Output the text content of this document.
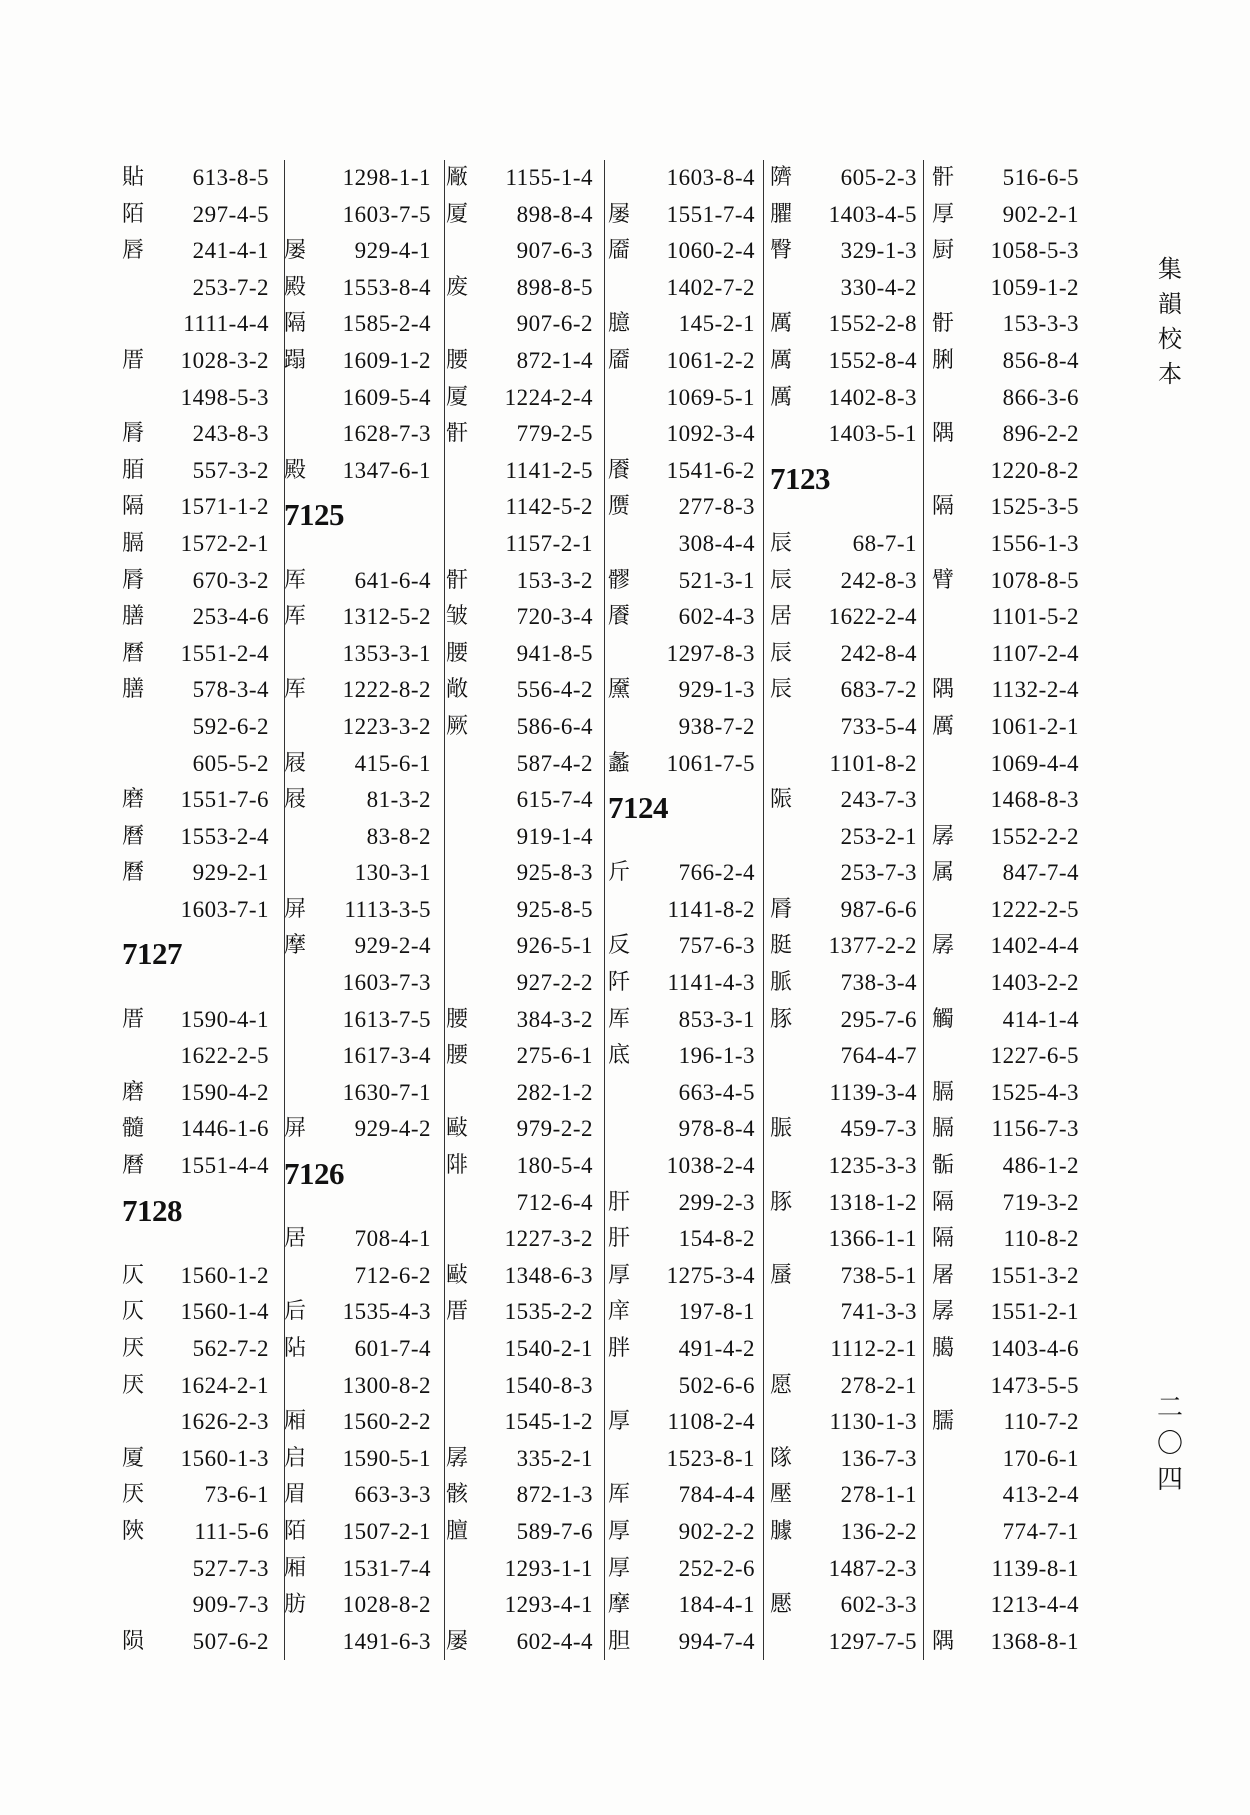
貼	613-8-5
陌	297-4-5
唇	241-4-1
253-7-2
1111-4-4
厝	1028-3-2
1498-5-3
脣	243-8-3
脜	557-3-2
隔	1571-1-2
膈	1572-2-1
脣	670-3-2
膳	253-4-6
曆	1551-2-4
膳	578-3-4
592-6-2
605-5-2
磨	1551-7-6
曆	1553-2-4
曆	929-2-1
1603-7-1
7127
厝	1590-4-1
1622-2-5
磨	1590-4-2
髓	1446-1-6
曆	1551-4-4
7128
仄	1560-1-2
仄	1560-1-4
厌	562-7-2
厌	1624-2-1
1626-2-3
厦	1560-1-3
厌	73-6-1
陜	111-5-6
527-7-3
909-7-3
陨	507-6-2
1298-1-1
1603-7-5
屡	929-4-1
殿	1553-8-4
隔	1585-2-4
蹋	1609-1-2
1609-5-4
1628-7-3
殿	1347-6-1
7125
厍	641-6-4
厍	1312-5-2
1353-3-1
厍	1222-8-2
1223-3-2
屐	415-6-1
屐	81-3-2
83-8-2
130-3-1
屏	1113-3-5
摩	929-2-4
1603-7-3
1613-7-5
1617-3-4
1630-7-1
屏	929-4-2
7126
居	708-4-1
712-6-2
后	1535-4-3
阽	601-7-4
1300-8-2
厢	1560-2-2
启	1590-5-1
眉	663-3-3
陌	1507-2-1
厢	1531-7-4
肪	1028-8-2
1491-6-3
厰	1155-1-4
厦	898-8-4
907-6-3
废	898-8-5
907-6-2
腰	872-1-4
厦	1224-2-4
骭	779-2-5
1141-2-5
1142-5-2
1157-2-1
骭	153-3-2
皱	720-3-4
腰	941-8-5
敞	556-4-2
厥	586-6-4
587-4-2
615-7-4
919-1-4
925-8-3
925-8-5
926-5-1
927-2-2
腰	384-3-2
腰	275-6-1
282-1-2
敺	979-2-2
陫	180-5-4
712-6-4
1227-3-2
敺	1348-6-3
厝	1535-2-2
1540-2-1
1540-8-3
1545-1-2
孱	335-2-1
骸	872-1-3
膻	589-7-6
1293-1-1
1293-4-1
屡	602-4-4
1603-8-4
屡	1551-7-4
靥	1060-2-4
1402-7-2
臆	145-2-1
靥	1061-2-2
1069-5-1
1092-3-4
餍	1541-6-2
赝	277-8-3
308-4-4
髎	521-3-1
餍	602-4-3
1297-8-3
黡	929-1-3
938-7-2
蠡	1061-7-5
7124
斤	766-2-4
1141-8-2
反	757-6-3
阡	1141-4-3
厍	853-3-1
底	196-1-3
663-4-5
978-8-4
1038-2-4
肝	299-2-3
肝	154-8-2
厚	1275-3-4
庠	197-8-1
胖	491-4-2
502-6-6
厚	1108-2-4
1523-8-1
厍	784-4-4
厚	902-2-2
厚	252-2-6
摩	184-4-1
胆	994-7-4
隮	605-2-3
臞	1403-4-5
臀	329-1-3
330-4-2
厲	1552-2-8
厲	1552-8-4
厲	1402-8-3
1403-5-1
7123
辰	68-7-1
辰	242-8-3
居	1622-2-4
辰	242-8-4
辰	683-7-2
733-5-4
1101-8-2
陙	243-7-3
253-2-1
253-7-3
脣	987-6-6
脡	1377-2-2
脈	738-3-4
豚	295-7-6
764-4-7
1139-3-4
脤	459-7-3
1235-3-3
豚	1318-1-2
1366-1-1
蜃	738-5-1
741-3-3
1112-2-1
愿	278-2-1
1130-1-3
隊	136-7-3
壓	278-1-1
臄	136-2-2
1487-2-3
懕	602-3-3
1297-7-5
骭	516-6-5
厚	902-2-1
厨	1058-5-3
1059-1-2
骬	153-3-3
脷	856-8-4
866-3-6
隅	896-2-2
1220-8-2
隔	1525-3-5
1556-1-3
臂	1078-8-5
1101-5-2
1107-2-4
隅	1132-2-4
厲	1061-2-1
1069-4-4
1468-8-3
孱	1552-2-2
属	847-7-4
1222-2-5
孱	1402-4-4
1403-2-2
觸	414-1-4
1227-6-5
膈	1525-4-3
膈	1156-7-3
骺	486-1-2
隔	719-3-2
隔	110-8-2
屠	1551-3-2
孱	1551-2-1
臈	1403-4-6
1473-5-5
臑	110-7-2
170-6-1
413-2-4
774-7-1
1139-8-1
1213-4-4
隅	1368-8-1
集
韻
校
本
二
〇
四
